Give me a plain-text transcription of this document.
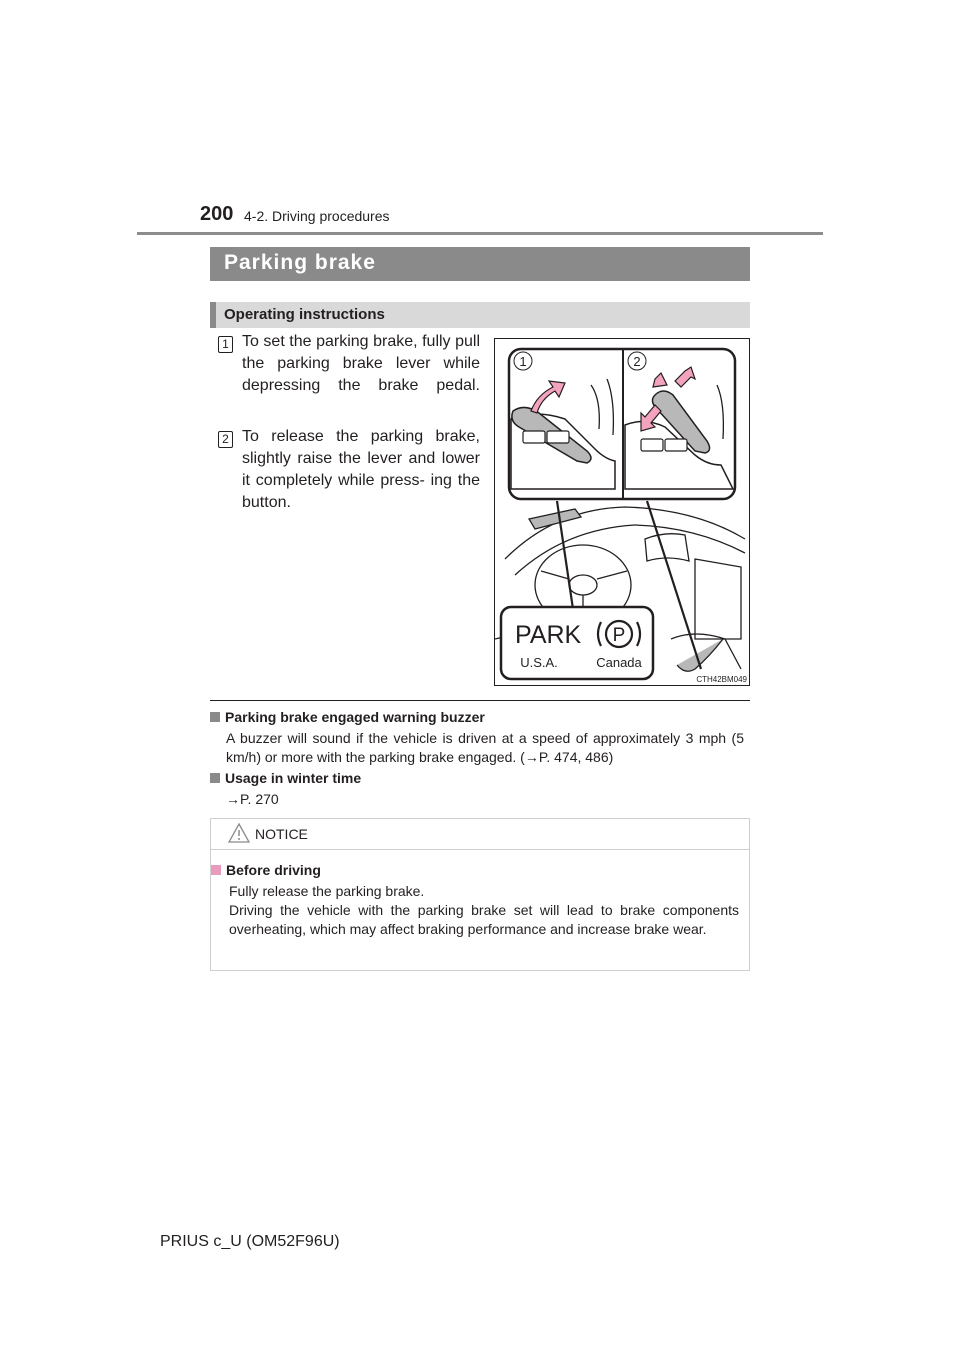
200 4-2. Driving procedures
Parking brake
Operating instructions
1 To set the parking brake, fully pull the parking brake lever while depressing the brake pedal.
2 To release the parking brake, slightly raise the lever and lower it completely while press- ing the button.
1	2
PARK P
U.S.A.	Canada
CTH42BM049
Parking brake engaged warning buzzer
A buzzer will sound if the vehicle is driven at a speed of approximately 3 mph (5 km/h) or more with the parking brake engaged. (→P. 474, 486)
Usage in winter time
→P. 270
NOTICE
Before driving
Fully release the parking brake.
Driving the vehicle with the parking brake set will lead to brake components overheating, which may affect braking performance and increase brake wear.
PRIUS c_U (OM52F96U)
